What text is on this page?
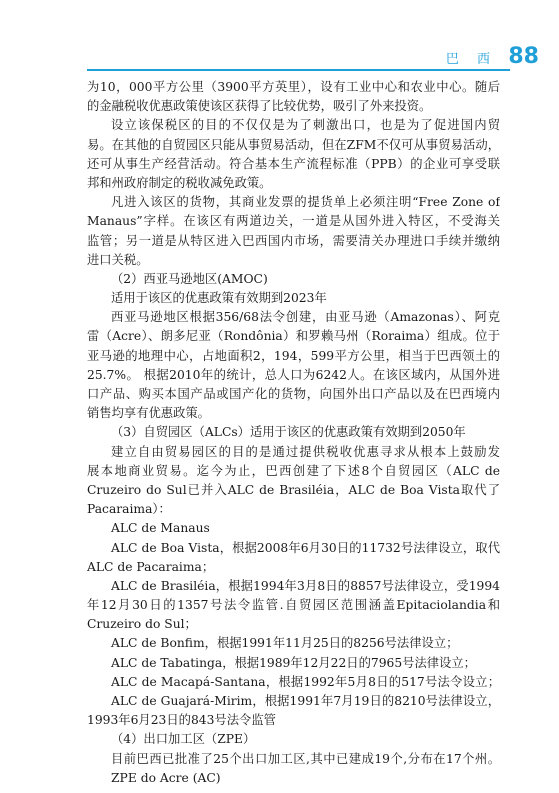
巴 西 88
为10，000平方公里（3900平方英里），设有工业中心和农业中心。随后
的金融税收优惠政策使该区获得了比较优势，吸引了外来投资。
设立该保税区的目的不仅仅是为了刺激出口，也是为了促进国内贸
易。在其他的自贸园区只能从事贸易活动，但在ZFM不仅可从事贸易活动，
还可从事生产经营活动。符合基本生产流程标准（PPB）的企业可享受联
邦和州政府制定的税收减免政策。
凡进入该区的货物，其商业发票的提货单上必须注明“Free Zone of
Manaus”字样。在该区有两道边关，一道是从国外进入特区，不受海关
监管；另一道是从特区进入巴西国内市场，需要清关办理进口手续并缴纳
进口关税。
（2）西亚马逊地区(AMOC)
适用于该区的优惠政策有效期到2023年
西亚马逊地区根据356/68法令创建，由亚马逊（Amazonas）、阿克
雷（Acre）、朗多尼亚（Rondônia）和罗赖马州（Roraima）组成。位于
亚马逊的地理中心，占地面积2，194，599平方公里，相当于巴西领土的
25.7%。 根据2010年的统计，总人口为6242人。在该区域内，从国外进
口产品、购买本国产品或国产化的货物，向国外出口产品以及在巴西境内
销售均享有优惠政策。
（3）自贸园区（ALCs）适用于该区的优惠政策有效期到2050年
建立自由贸易园区的目的是通过提供税收优惠寻求从根本上鼓励发
展本地商业贸易。迄今为止，巴西创建了下述8个自贸园区（ALC de
Cruzeiro do Sul已并入ALC de Brasiléia，ALC de Boa Vista取代了
Pacaraima）：
ALC de Manaus
ALC de Boa Vista，根据2008年6月30日的11732号法律设立，取代
ALC de Pacaraima；
ALC de Brasiléia，根据1994年3月8日的8857号法律设立，受1994
年12月30日的1357号法令监管.自贸园区范围涵盖Epitaciolandia和
Cruzeiro do Sul；
ALC de Bonfim，根据1991年11月25日的8256号法律设立；
ALC de Tabatinga，根据1989年12月22日的7965号法律设立；
ALC de Macapá-Santana，根据1992年5月8日的517号法令设立；
ALC de Guajará-Mirim，根据1991年7月19日的8210号法律设立，
1993年6月23日的843号法令监管
（4）出口加工区（ZPE）
目前巴西已批准了25个出口加工区,其中已建成19个,分布在17个州。
ZPE do Acre (AC)
